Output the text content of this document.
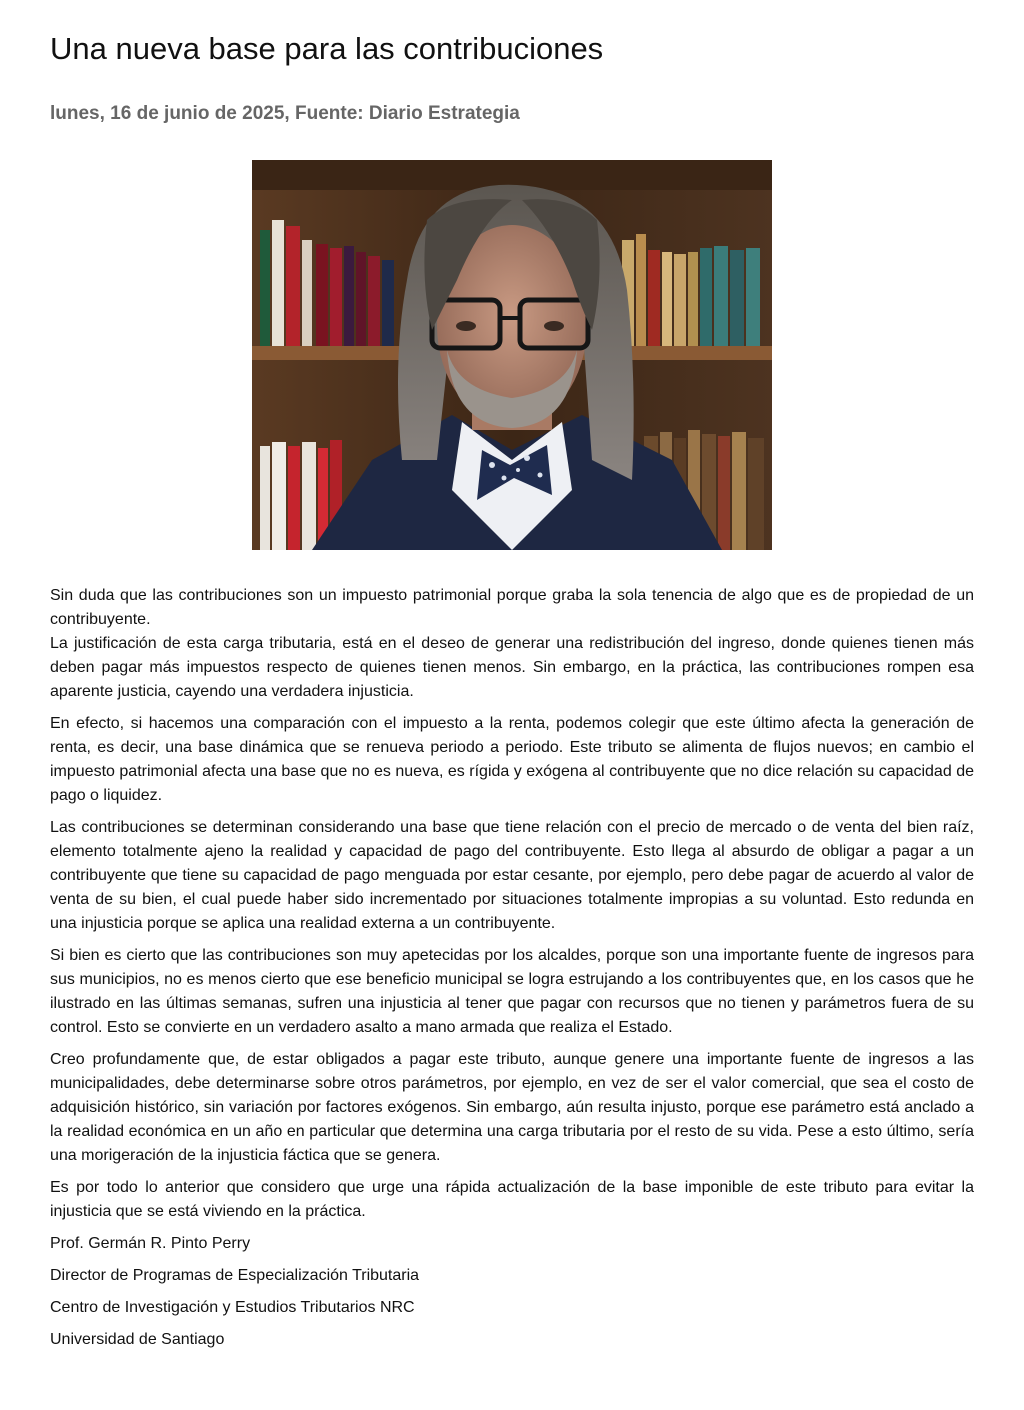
Una nueva base para las contribuciones
lunes, 16 de junio de 2025, Fuente: Diario Estrategia

Sin duda que las contribuciones son un impuesto patrimonial porque graba la sola tenencia de algo que es de propiedad de un contribuyente.

La justificación de esta carga tributaria, está en el deseo de generar una redistribución del ingreso, donde quienes tienen más deben pagar más impuestos respecto de quienes tienen menos. Sin embargo, en la práctica, las contribuciones rompen esa aparente justicia, cayendo una verdadera injusticia.

En efecto, si hacemos una comparación con el impuesto a la renta, podemos colegir que este último afecta la generación de renta, es decir, una base dinámica que se renueva periodo a periodo. Este tributo se alimenta de flujos nuevos; en cambio el impuesto patrimonial afecta una base que no es nueva, es rígida y exógena al contribuyente que no dice relación su capacidad de pago o liquidez.

Las contribuciones se determinan considerando una base que tiene relación con el precio de mercado o de venta del bien raíz, elemento totalmente ajeno la realidad y capacidad de pago del contribuyente. Esto llega al absurdo de obligar a pagar a un contribuyente que tiene su capacidad de pago menguada por estar cesante, por ejemplo, pero debe pagar de acuerdo al valor de venta de su bien, el cual puede haber sido incrementado por situaciones totalmente impropias a su voluntad. Esto redunda en una injusticia porque se aplica una realidad externa a un contribuyente.

Si bien es cierto que las contribuciones son muy apetecidas por los alcaldes, porque son una importante fuente de ingresos para sus municipios, no es menos cierto que ese beneficio municipal se logra estrujando a los contribuyentes que, en los casos que he ilustrado en las últimas semanas, sufren una injusticia al tener que pagar con recursos que no tienen y parámetros fuera de su control. Esto se convierte en un verdadero asalto a mano armada que realiza el Estado.

Creo profundamente que, de estar obligados a pagar este tributo, aunque genere una importante fuente de ingresos a las municipalidades, debe determinarse sobre otros parámetros, por ejemplo, en vez de ser el valor comercial, que sea el costo de adquisición histórico, sin variación por factores exógenos. Sin embargo, aún resulta injusto, porque ese parámetro está anclado a la realidad económica en un año en particular que determina una carga tributaria por el resto de su vida. Pese a esto último, sería una morigeración de la injusticia fáctica que se genera.

Es por todo lo anterior que considero que urge una rápida actualización de la base imponible de este tributo para evitar la injusticia que se está viviendo en la práctica.

Prof. Germán R. Pinto Perry

Director de Programas de Especialización Tributaria

Centro de Investigación y Estudios Tributarios NRC

Universidad de Santiago
